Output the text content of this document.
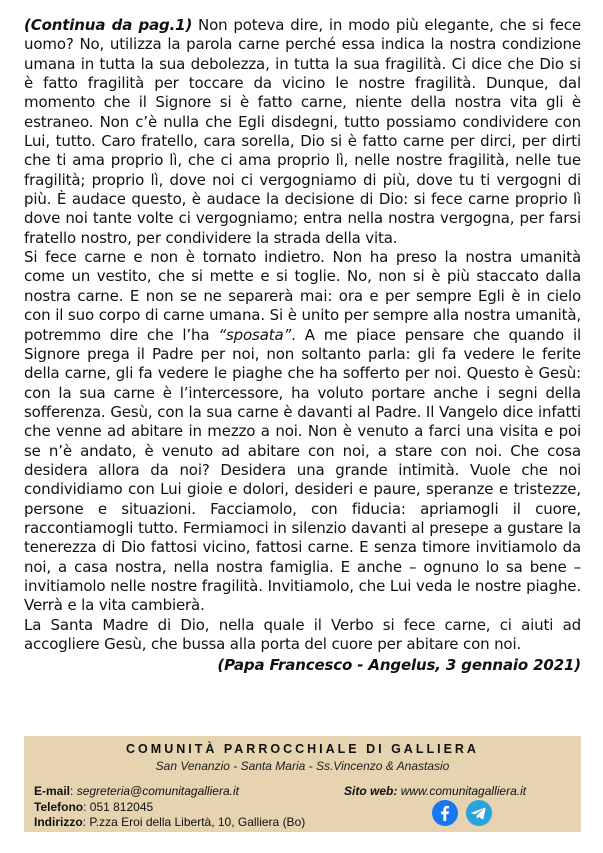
(Continua da pag.1) Non poteva dire, in modo più elegante, che si fece uomo? No, utilizza la parola carne perché essa indica la nostra condizione umana in tutta la sua debolezza, in tutta la sua fragilità. Ci dice che Dio si è fatto fragilità per toccare da vicino le nostre fragilità. Dunque, dal momento che il Signore si è fatto carne, niente della nostra vita gli è estraneo. Non c’è nulla che Egli disdegni, tutto possiamo condividere con Lui, tutto. Caro fratello, cara sorella, Dio si è fatto carne per dirci, per dirti che ti ama proprio lì, che ci ama proprio lì, nelle nostre fragilità, nelle tue fragilità; proprio lì, dove noi ci vergogniamo di più, dove tu ti vergogni di più. È audace questo, è audace la decisione di Dio: si fece carne proprio lì dove noi tante volte ci vergogniamo; entra nella nostra vergogna, per farsi fratello nostro, per condividere la strada della vita.

Si fece carne e non è tornato indietro. Non ha preso la nostra umanità come un vestito, che si mette e si toglie. No, non si è più staccato dalla nostra carne. E non se ne separerà mai: ora e per sempre Egli è in cielo con il suo corpo di carne umana. Si è unito per sempre alla nostra umanità, potremmo dire che l’ha “sposata”. A me piace pensare che quando il Signore prega il Padre per noi, non soltanto parla: gli fa vedere le ferite della carne, gli fa vedere le piaghe che ha sofferto per noi. Questo è Gesù: con la sua carne è l’intercessore, ha voluto portare anche i segni della sofferenza. Gesù, con la sua carne è davanti al Padre. Il Vangelo dice infatti che venne ad abitare in mezzo a noi. Non è venuto a farci una visita e poi se n’è andato, è venuto ad abitare con noi, a stare con noi. Che cosa desidera allora da noi? Desidera una grande intimità. Vuole che noi condividiamo con Lui gioie e dolori, desideri e paure, speranze e tristezze, persone e situazioni. Facciamolo, con fiducia: apriamogli il cuore, raccontiamogli tutto. Fermiamoci in silenzio davanti al presepe a gustare la tenerezza di Dio fattosi vicino, fattosi carne. E senza timore invitiamolo da noi, a casa nostra, nella nostra famiglia. E anche – ognuno lo sa bene – invitiamolo nelle nostre fragilità. Invitiamolo, che Lui veda le nostre piaghe. Verrà e la vita cambierà.

La Santa Madre di Dio, nella quale il Verbo si fece carne, ci aiuti ad accogliere Gesù, che bussa alla porta del cuore per abitare con noi.

(Papa Francesco - Angelus, 3 gennaio 2021)

COMUNITÀ PARROCCHIALE DI GALLIERA
San Venanzio - Santa Maria - Ss.Vincenzo & Anastasio
E-mail: segreteria@comunitagalliera.it
Telefono: 051 812045
Indirizzo: P.zza Eroi della Libertà, 10, Galliera (Bo)
Sito web: www.comunitagalliera.it
